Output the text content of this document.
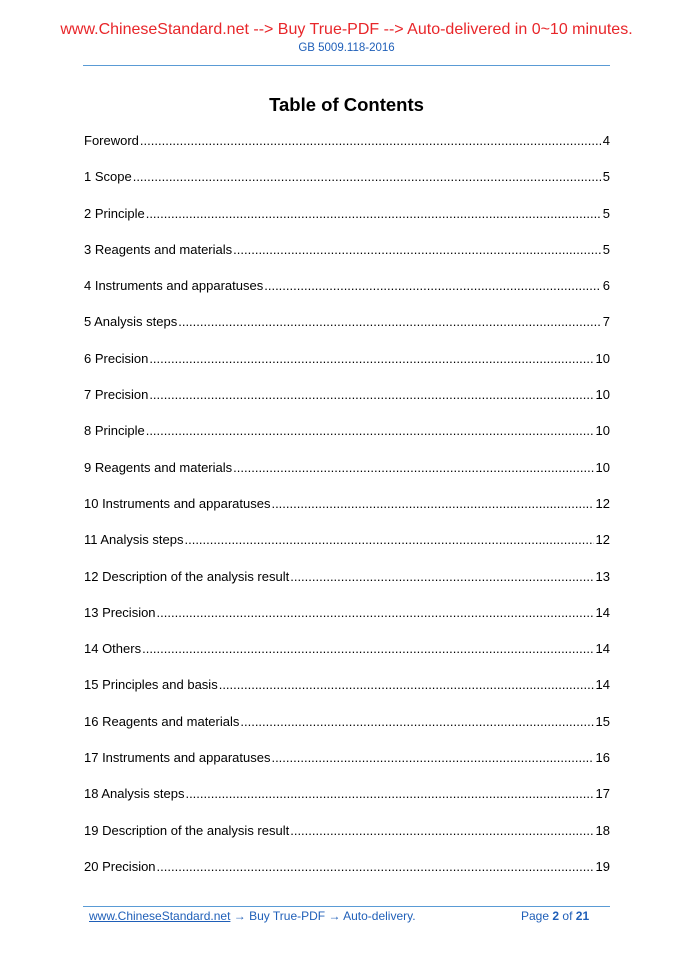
www.ChineseStandard.net --> Buy True-PDF --> Auto-delivered in 0~10 minutes.
GB 5009.118-2016
Table of Contents
Foreword .....	4
1 Scope .....	5
2 Principle .....	5
3 Reagents and materials .....	5
4 Instruments and apparatuses .....	6
5 Analysis steps .....	7
6 Precision .....	10
7 Precision .....	10
8 Principle .....	10
9 Reagents and materials .....	10
10 Instruments and apparatuses .....	12
11 Analysis steps .....	12
12 Description of the analysis result .....	13
13 Precision .....	14
14 Others .....	14
15 Principles and basis .....	14
16 Reagents and materials .....	15
17 Instruments and apparatuses .....	16
18 Analysis steps .....	17
19 Description of the analysis result .....	18
20 Precision .....	19
www.ChineseStandard.net → Buy True-PDF → Auto-delivery.	Page 2 of 21
